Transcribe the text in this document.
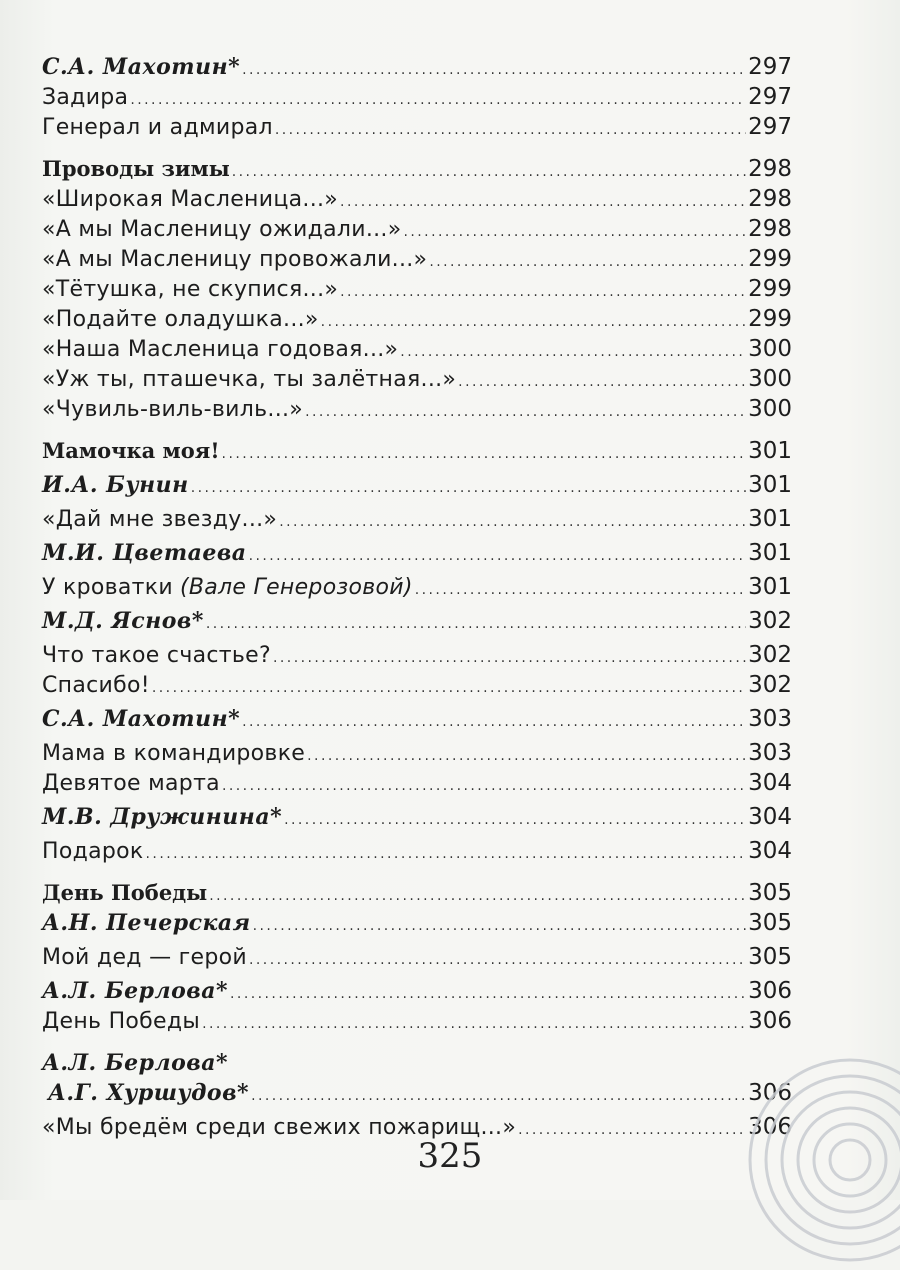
С.А. Махотин* . . .	297
Задира . . .	297
Генерал и адмирал . . .	297
Проводы зимы . . .	298
«Широкая Масленица...» . . .	298
«А мы Масленицу ожидали...» . . .	298
«А мы Масленицу провожали...» . . .	299
«Тётушка, не скупися...» . . .	299
«Подайте оладушка...» . . .	299
«Наша Масленица годовая...» . . .	300
«Уж ты, пташечка, ты залётная...» . . .	300
«Чувиль-виль-виль...» . . .	300
Мамочка моя! . . .	301
И.А. Бунин . . .	301
«Дай мне звезду...» . . .	301
М.И. Цветаева . . .	301
У кроватки (Вале Генерозовой) . . .	301
М.Д. Яснов* . . .	302
Что такое счастье? . . .	302
Спасибо! . . .	302
С.А. Махотин* . . .	303
Мама в командировке . . .	303
Девятое марта . . .	304
М.В. Дружинина* . . .	304
Подарок . . .	304
День Победы . . .	305
А.Н. Печерская . . .	305
Мой дед — герой . . .	305
А.Л. Берлова* . . .	306
День Победы . . .	306
А.Л. Берлова*
А.Г. Хуршудов* . . .	306
«Мы бредём среди свежих пожарищ...» . . .	306
325
